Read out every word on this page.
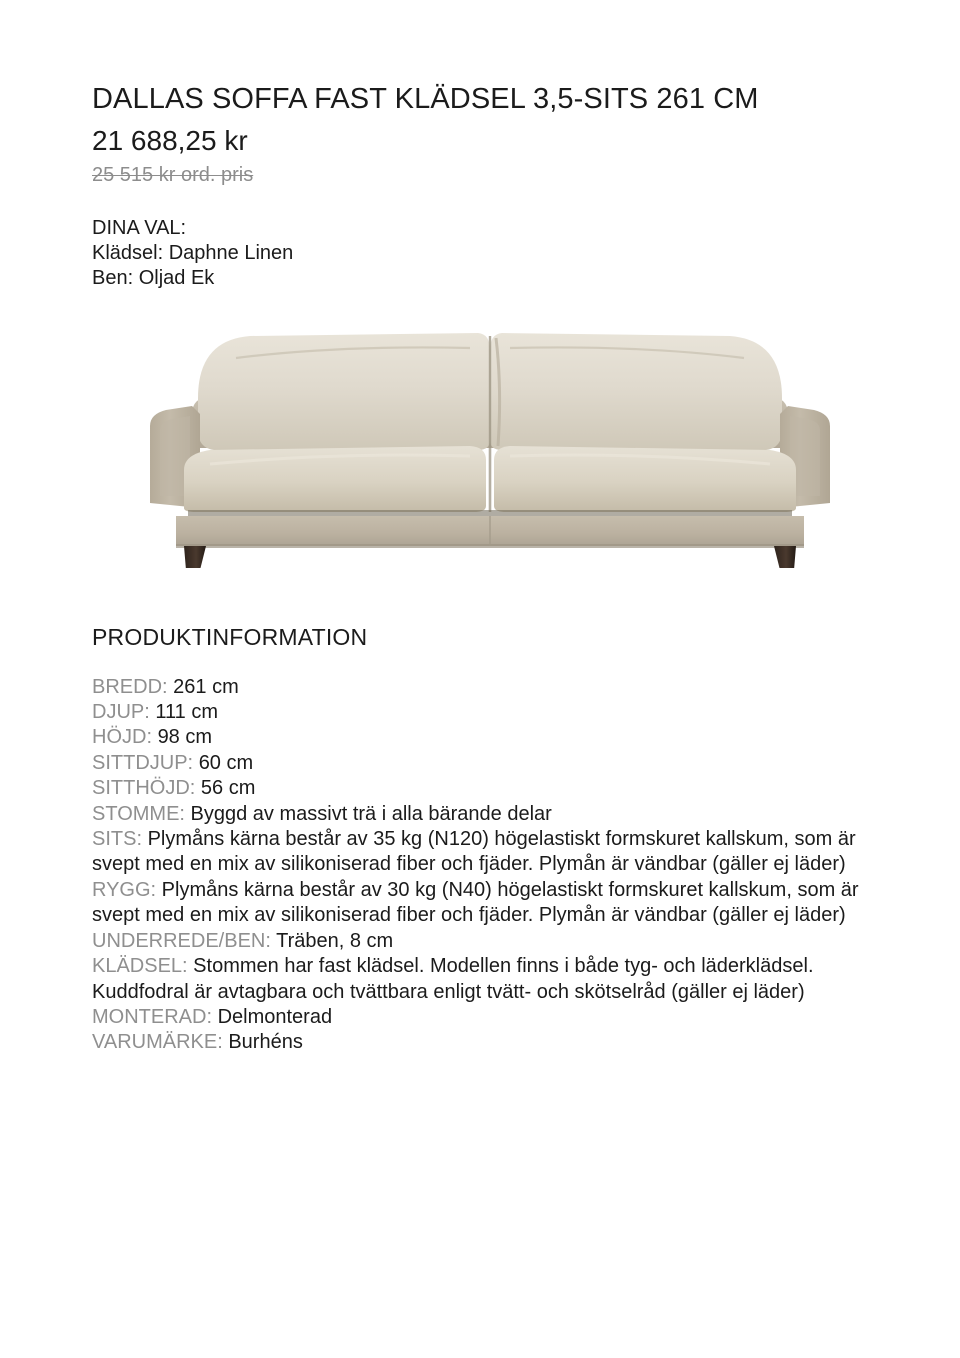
DALLAS SOFFA FAST KLÄDSEL 3,5-SITS 261 CM
21 688,25 kr
25 515 kr ord. pris
DINA VAL:
Klädsel: Daphne Linen
Ben: Oljad Ek
PRODUKTINFORMATION
BREDD: 261 cm
DJUP: 111 cm
HÖJD: 98 cm
SITTDJUP: 60 cm
SITTHÖJD: 56 cm
STOMME: Byggd av massivt trä i alla bärande delar
SITS: Plymåns kärna består av 35 kg (N120) högelastiskt formskuret kallskum, som är svept med en mix av silikoniserad fiber och fjäder. Plymån är vändbar (gäller ej läder)
RYGG: Plymåns kärna består av 30 kg (N40) högelastiskt formskuret kallskum, som är svept med en mix av silikoniserad fiber och fjäder. Plymån är vändbar (gäller ej läder)
UNDERREDE/BEN: Träben, 8 cm
KLÄDSEL: Stommen har fast klädsel. Modellen finns i både tyg- och läderklädsel. Kuddfodral är avtagbara och tvättbara enligt tvätt- och skötselråd (gäller ej läder)
MONTERAD: Delmonterad
VARUMÄRKE: Burhéns
